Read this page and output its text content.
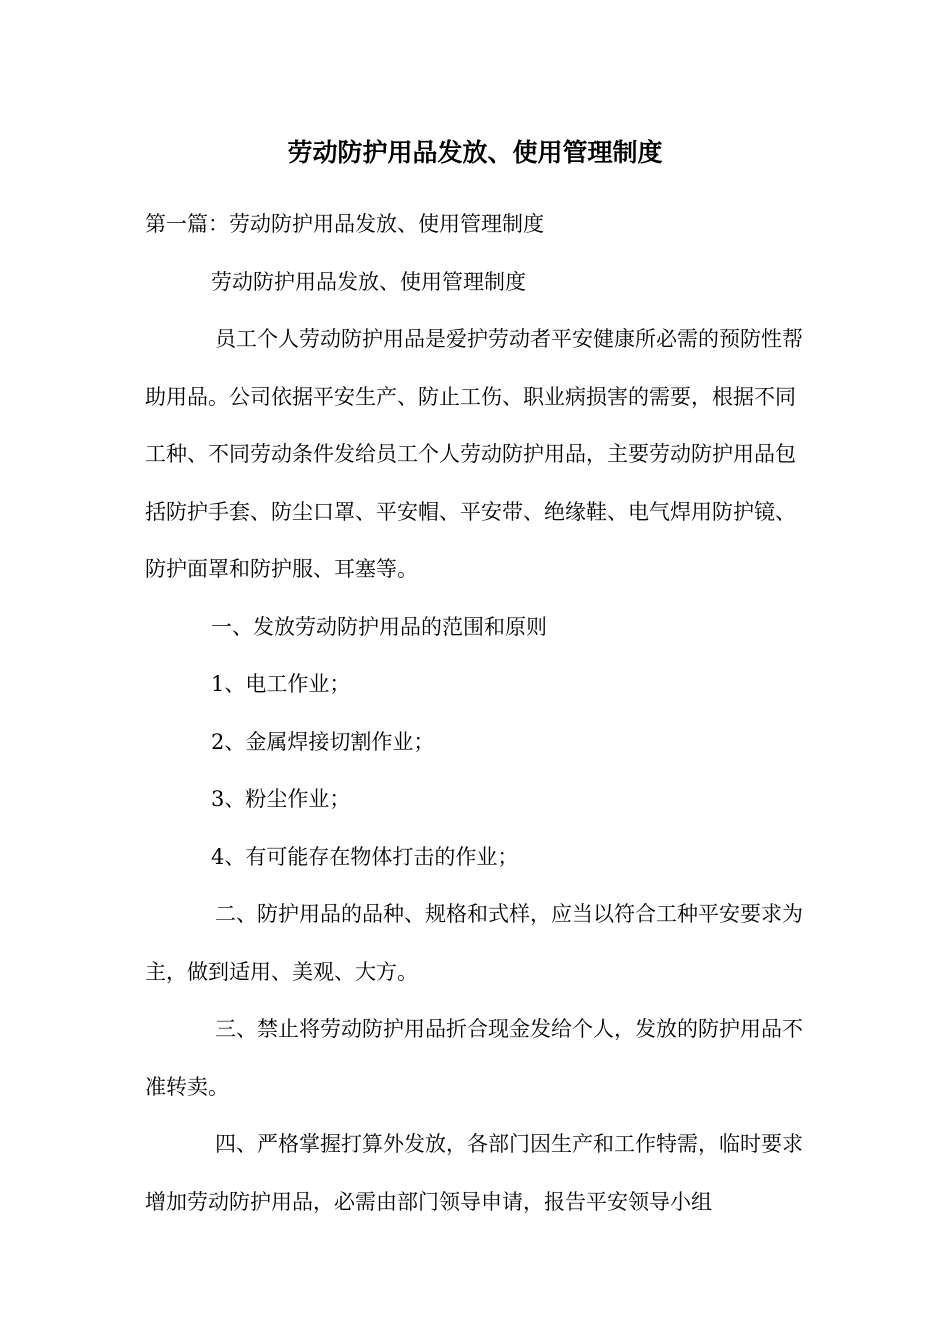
劳动防护用品发放、使用管理制度

第一篇：劳动防护用品发放、使用管理制度

劳动防护用品发放、使用管理制度

员工个人劳动防护用品是爱护劳动者平安健康所必需的预防性帮助用品。公司依据平安生产、防止工伤、职业病损害的需要，根据不同工种、不同劳动条件发给员工个人劳动防护用品，主要劳动防护用品包括防护手套、防尘口罩、平安帽、平安带、绝缘鞋、电气焊用防护镜、防护面罩和防护服、耳塞等。

一、发放劳动防护用品的范围和原则

1、电工作业；

2、金属焊接切割作业；

3、粉尘作业；

4、有可能存在物体打击的作业；

二、防护用品的品种、规格和式样，应当以符合工种平安要求为主，做到适用、美观、大方。

三、禁止将劳动防护用品折合现金发给个人，发放的防护用品不准转卖。

四、严格掌握打算外发放，各部门因生产和工作特需，临时要求增加劳动防护用品，必需由部门领导申请，报告平安领导小组
